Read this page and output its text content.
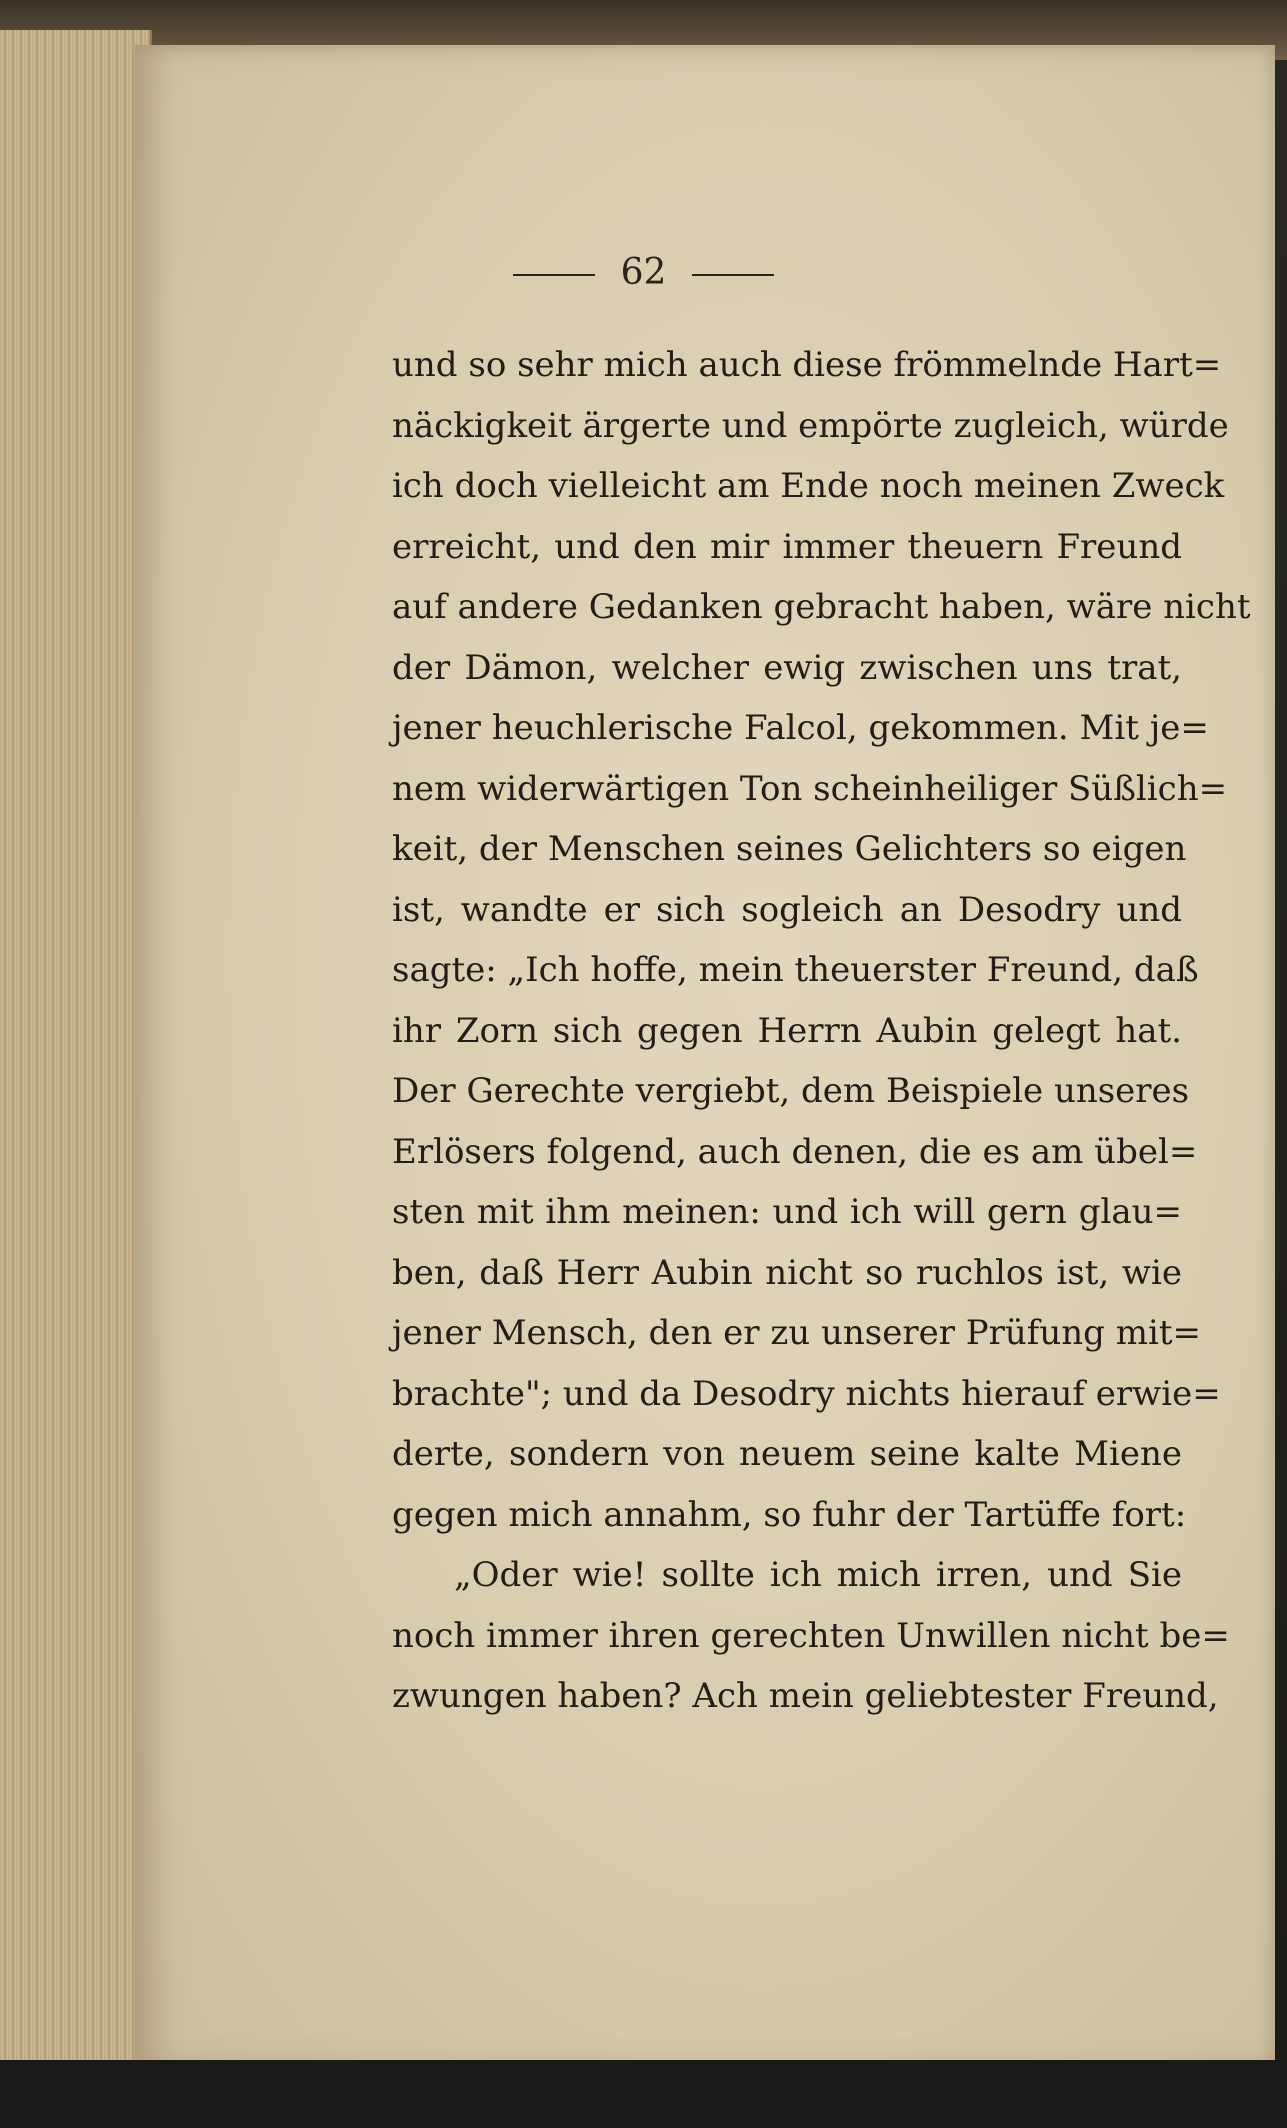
62
und so sehr mich auch diese frömmelnde Hart=
näckigkeit ärgerte und empörte zugleich, würde
ich doch vielleicht am Ende noch meinen Zweck
erreicht, und den mir immer theuern Freund
auf andere Gedanken gebracht haben, wäre nicht
der Dämon, welcher ewig zwischen uns trat,
jener heuchlerische Falcol, gekommen. Mit je=
nem widerwärtigen Ton scheinheiliger Süßlich=
keit, der Menschen seines Gelichters so eigen
ist, wandte er sich sogleich an Desodry und
sagte: „Ich hoffe, mein theuerster Freund, daß
ihr Zorn sich gegen Herrn Aubin gelegt hat.
Der Gerechte vergiebt, dem Beispiele unseres
Erlösers folgend, auch denen, die es am übel=
sten mit ihm meinen: und ich will gern glau=
ben, daß Herr Aubin nicht so ruchlos ist, wie
jener Mensch, den er zu unserer Prüfung mit=
brachte"; und da Desodry nichts hierauf erwie=
derte, sondern von neuem seine kalte Miene
gegen mich annahm, so fuhr der Tartüffe fort:
„Oder wie! sollte ich mich irren, und Sie
noch immer ihren gerechten Unwillen nicht be=
zwungen haben? Ach mein geliebtester Freund,
